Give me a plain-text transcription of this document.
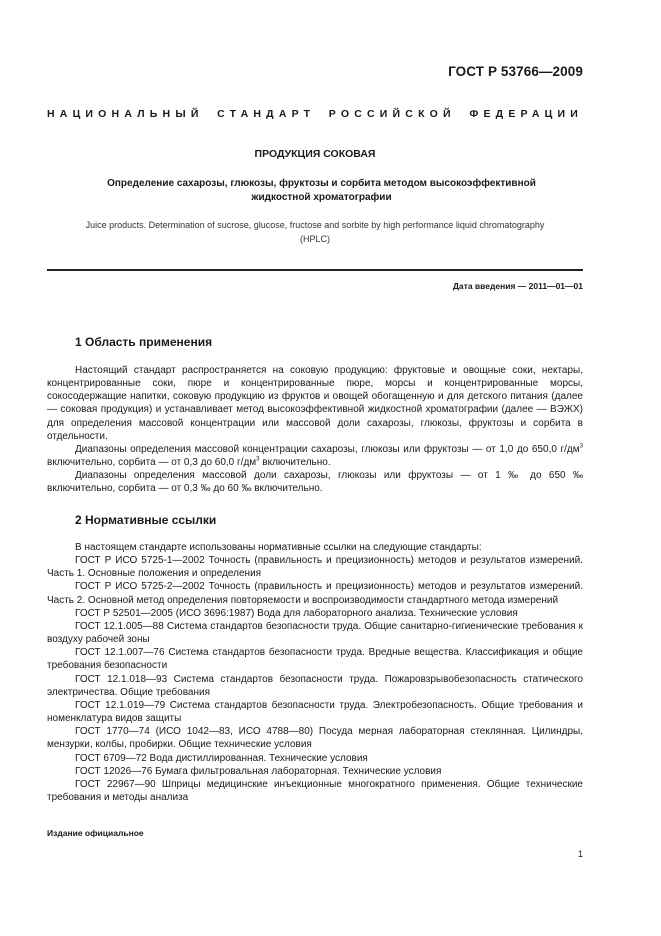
ГОСТ Р 53766—2009
НАЦИОНАЛЬНЫЙ СТАНДАРТ РОССИЙСКОЙ ФЕДЕРАЦИИ
ПРОДУКЦИЯ СОКОВАЯ
Определение сахарозы, глюкозы, фруктозы и сорбита методом высокоэффективной
жидкостной хроматографии
Juice products. Determination of sucrose, glucose, fructose and sorbite by high performance liquid chromatography
(HPLC)
Дата введения — 2011—01—01
1 Область применения

Настоящий стандарт распространяется на соковую продукцию: фруктовые и овощные соки, нектары, концентрированные соки, пюре и концентрированные пюре, морсы и концентрированные морсы, сокосодержащие напитки, соковую продукцию из фруктов и овощей обогащенную и для детского питания (далее — соковая продукция) и устанавливает метод высокоэффективной жидкостной хроматографии (далее — ВЭЖХ) для определения массовой концентрации или массовой доли сахарозы, глюкозы, фруктозы и сорбита в отдельности.

Диапазоны определения массовой концентрации сахарозы, глюкозы или фруктозы — от 1,0 до 650,0 $г/дм^3$ включительно, сорбита — от 0,3 до 60,0 $г/дм^3$ включительно.

Диапазоны определения массовой доли сахарозы, глюкозы или фруктозы — от 1 ‰ до 650 ‰ включительно, сорбита — от 0,3 ‰ до 60 ‰ включительно.

2 Нормативные ссылки

В настоящем стандарте использованы нормативные ссылки на следующие стандарты:

ГОСТ Р ИСО 5725-1—2002 Точность (правильность и прецизионность) методов и результатов измерений. Часть 1. Основные положения и определения

ГОСТ Р ИСО 5725-2—2002 Точность (правильность и прецизионность) методов и результатов измерений. Часть 2. Основной метод определения повторяемости и воспроизводимости стандартного метода измерений

ГОСТ Р 52501—2005 (ИСО 3696:1987) Вода для лабораторного анализа. Технические условия

ГОСТ 12.1.005—88 Система стандартов безопасности труда. Общие санитарно-гигиенические требования к воздуху рабочей зоны

ГОСТ 12.1.007—76 Система стандартов безопасности труда. Вредные вещества. Классификация и общие требования безопасности

ГОСТ 12.1.018—93 Система стандартов безопасности труда. Пожаровзрывобезопасность статического электричества. Общие требования

ГОСТ 12.1.019—79 Система стандартов безопасности труда. Электробезопасность. Общие требования и номенклатура видов защиты

ГОСТ 1770—74 (ИСО 1042—83, ИСО 4788—80) Посуда мерная лабораторная стеклянная. Цилиндры, мензурки, колбы, пробирки. Общие технические условия

ГОСТ 6709—72 Вода дистиллированная. Технические условия

ГОСТ 12026—76 Бумага фильтровальная лабораторная. Технические условия

ГОСТ 22967—90 Шприцы медицинские инъекционные многократного применения. Общие технические требования и методы анализа

Издание официальное
1
